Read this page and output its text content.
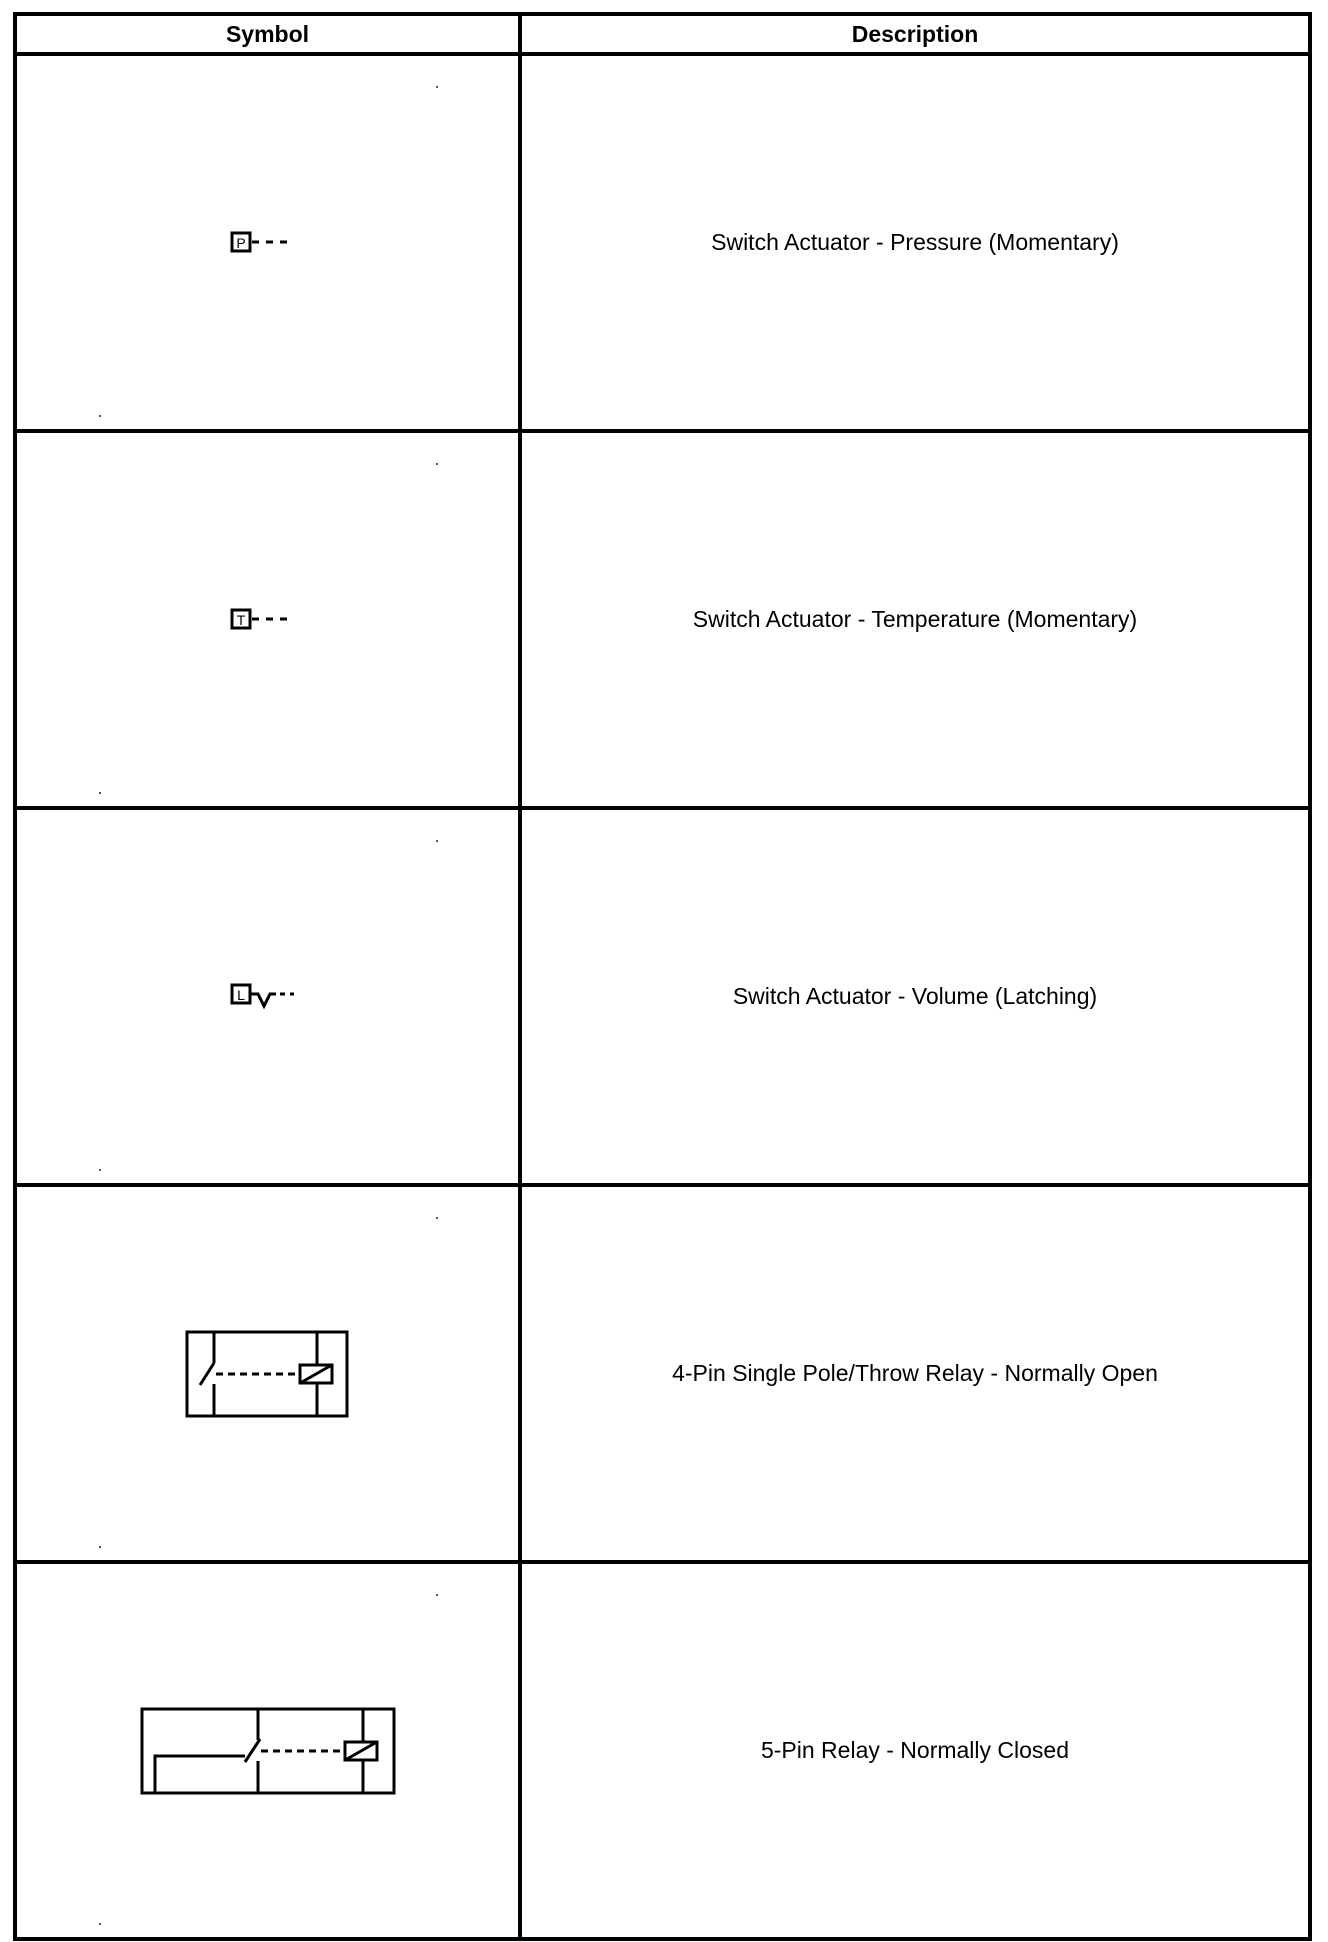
Symbol	Description

P	Switch Actuator - Pressure (Momentary)

T	Switch Actuator - Temperature (Momentary)

L	Switch Actuator - Volume (Latching)

	4-Pin Single Pole/Throw Relay - Normally Open

	5-Pin Relay - Normally Closed
